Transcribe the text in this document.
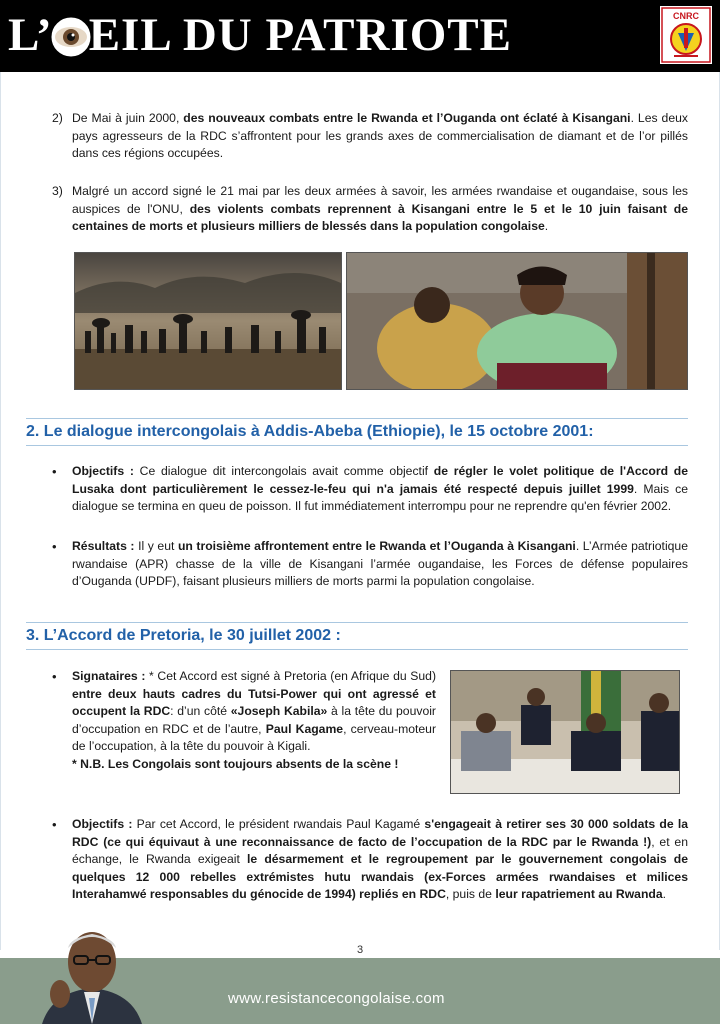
L’ EIL DU PATRIOTE	CNRC
2) De Mai à juin 2000, des nouveaux combats entre le Rwanda et l’Ouganda ont éclaté à Kisangani. Les deux pays agresseurs de la RDC s’affrontent pour les grands axes de commercialisation de diamant et de l’or pillés dans ces régions occupées.
3) Malgré un accord signé le 21 mai par les deux armées à savoir, les armées rwandaise et ougandaise, sous les auspices de l'ONU, des violents combats reprennent à Kisangani entre le 5 et le 10 juin faisant de centaines de morts et plusieurs milliers de blessés dans la population congolaise.
2. Le dialogue intercongolais à Addis-Abeba (Ethiopie), le 15 octobre 2001:
• Objectifs : Ce dialogue dit intercongolais avait comme objectif de régler le volet politique de l'Accord de Lusaka dont particulièrement le cessez-le-feu qui n'a jamais été respecté depuis juillet 1999. Mais ce dialogue se termina en queu de poisson. Il fut immédiatement interrompu pour ne reprendre qu'en février 2002.
• Résultats : Il y eut un troisième affrontement entre le Rwanda et l’Ouganda à Kisangani. L’Armée patriotique rwandaise (APR) chasse de la ville de Kisangani l’armée ougandaise, les Forces de défense populaires d’Ouganda (UPDF), faisant plusieurs milliers de morts parmi la population congolaise.
3. L’Accord de Pretoria, le 30 juillet 2002 :
• Signataires : * Cet Accord est signé à Pretoria (en Afrique du Sud) entre deux hauts cadres du Tutsi-Power qui ont agressé et occupent la RDC: d’un côté «Joseph Kabila» à la tête du pouvoir d’occupation en RDC et de l’autre, Paul Kagame, cerveau-moteur de l’occupation, à la tête du pouvoir à Kigali.
* N.B. Les Congolais sont toujours absents de la scène !
• Objectifs : Par cet Accord, le président rwandais Paul Kagamé s'engageait à retirer ses 30 000 soldats de la RDC (ce qui équivaut à une reconnaissance de facto de l’occupation de la RDC par le Rwanda !), et en échange, le Rwanda exigeait le désarmement et le regroupement par le gouvernement congolais de quelques 12 000 rebelles extrémistes hutu rwandais (ex-Forces armées rwandaises et milices Interahamwé responsables du génocide de 1994) repliés en RDC, puis de leur rapatriement au Rwanda.
3
www.resistancecongolaise.com
